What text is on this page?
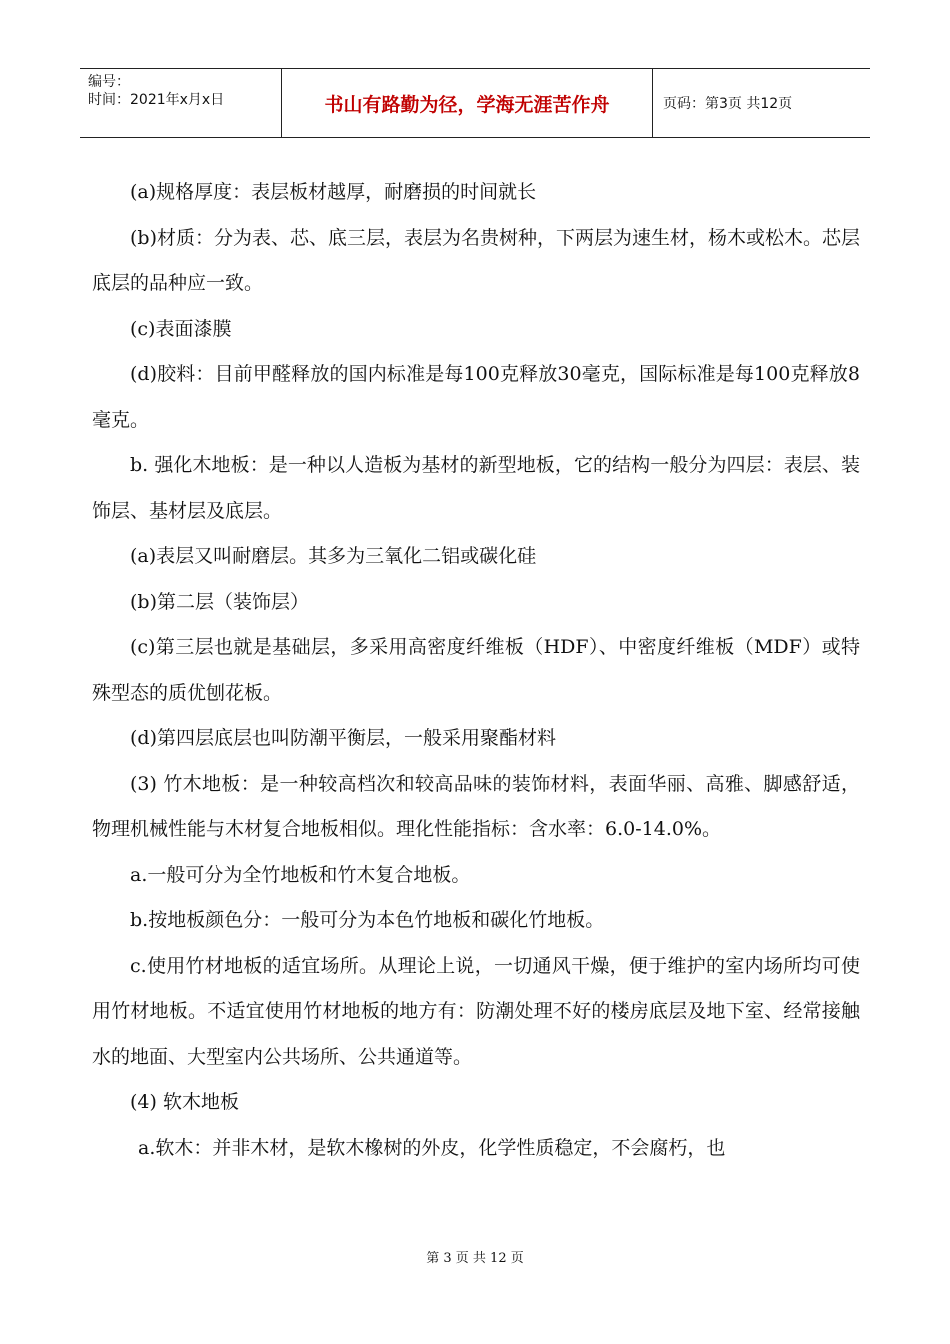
编号：
时间：2021年x月x日	书山有路勤为径，学海无涯苦作舟	页码：第3页 共12页

(a)规格厚度：表层板材越厚，耐磨损的时间就长

(b)材质：分为表、芯、底三层，表层为名贵树种，下两层为速生材，杨木或松木。芯层底层的品种应一致。

(c)表面漆膜

(d)胶料：目前甲醛释放的国内标准是每100克释放30毫克，国际标准是每100克释放8毫克。

b. 强化木地板：是一种以人造板为基材的新型地板，它的结构一般分为四层：表层、装饰层、基材层及底层。

(a)表层又叫耐磨层。其多为三氧化二铝或碳化硅

(b)第二层（装饰层）

(c)第三层也就是基础层，多采用高密度纤维板（HDF）、中密度纤维板（MDF）或特殊型态的质优刨花板。

(d)第四层底层也叫防潮平衡层，一般采用聚酯材料

(3) 竹木地板：是一种较高档次和较高品味的装饰材料，表面华丽、高雅、脚感舒适，物理机械性能与木材复合地板相似。理化性能指标：含水率：6.0-14.0%。

a.一般可分为全竹地板和竹木复合地板。

b.按地板颜色分：一般可分为本色竹地板和碳化竹地板。

c.使用竹材地板的适宜场所。从理论上说，一切通风干燥，便于维护的室内场所均可使用竹材地板。不适宜使用竹材地板的地方有：防潮处理不好的楼房底层及地下室、经常接触水的地面、大型室内公共场所、公共通道等。

(4) 软木地板

a.软木：并非木材，是软木橡树的外皮，化学性质稳定，不会腐朽，也

第 3 页 共 12 页
